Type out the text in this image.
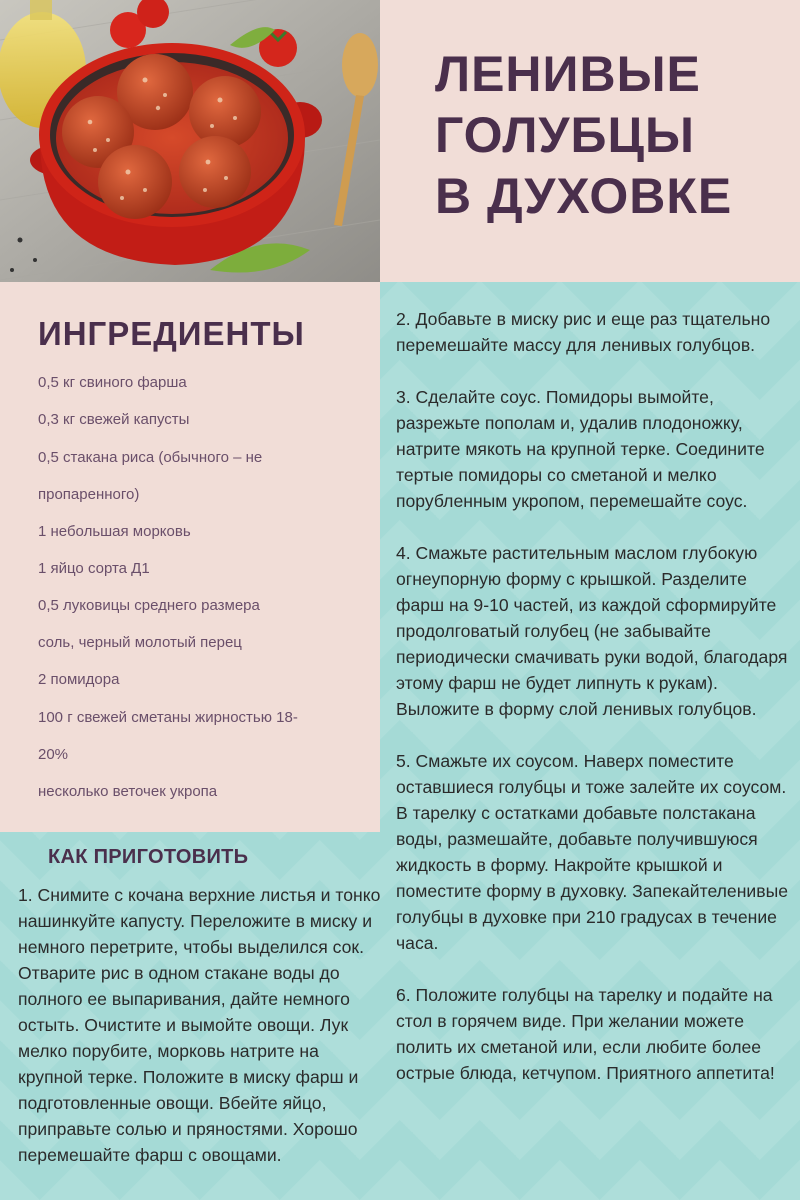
ЛЕНИВЫЕ
ГОЛУБЦЫ
В ДУХОВКЕ
ИНГРЕДИЕНТЫ
0,5 кг свиного фарша
0,3 кг свежей капусты
0,5 стакана риса (обычного – не пропаренного)
1 небольшая морковь
1 яйцо сорта Д1
0,5 луковицы среднего размера
соль, черный молотый перец
2 помидора
100 г свежей сметаны жирностью 18-20%
несколько веточек укропа
КАК ПРИГОТОВИТЬ

1. Снимите с кочана верхние листья и тонко нашинкуйте капусту. Переложите в миску и немного перетрите, чтобы выделился сок.

Отварите рис в одном стакане воды до полного ее выпаривания, дайте немного остыть. Очистите и вымойте овощи. Лук мелко порубите, морковь натрите на крупной терке. Положите в миску фарш и подготовленные овощи. Вбейте яйцо, приправьте солью и пряностями. Хорошо перемешайте фарш с овощами.

2. Добавьте в миску рис и еще раз тщательно перемешайте массу для ленивых голубцов.

3. Сделайте соус. Помидоры вымойте, разрежьте пополам и, удалив плодоножку, натрите мякоть на крупной терке. Соедините тертые помидоры со сметаной и мелко порубленным укропом, перемешайте соус.

4. Смажьте растительным маслом глубокую огнеупорную форму с крышкой. Разделите фарш на 9-10 частей, из каждой сформируйте продолговатый голубец (не забывайте периодически смачивать руки водой, благодаря этому фарш не будет липнуть к рукам). Выложите в форму слой ленивых голубцов.

5. Смажьте их соусом. Наверх поместите оставшиеся голубцы и тоже залейте их соусом. В тарелку с остатками добавьте полстакана воды, размешайте, добавьте получившуюся жидкость в форму. Накройте крышкой и поместите форму в духовку. Запекайтеленивые голубцы в духовке при 210 градусах в течение часа.

6. Положите голубцы на тарелку и подайте на стол в горячем виде. При желании можете полить их сметаной или, если любите более острые блюда, кетчупом. Приятного аппетита!
